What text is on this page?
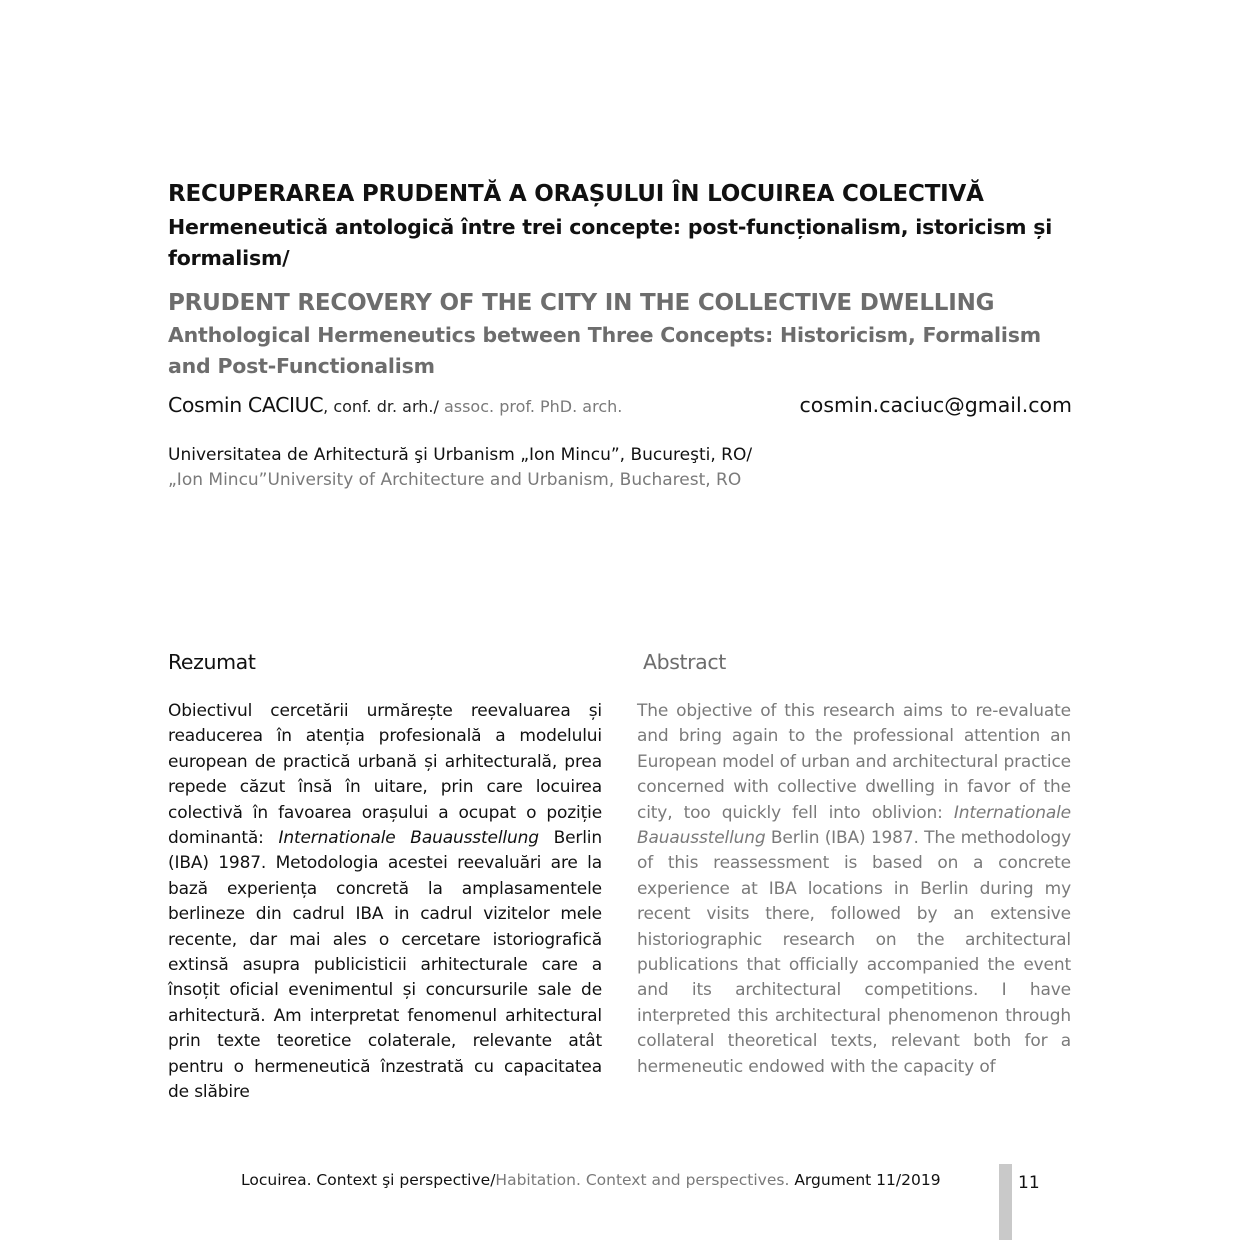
RECUPERAREA PRUDENTĂ A ORAȘULUI ÎN LOCUIREA COLECTIVĂ
Hermeneutică antologică între trei concepte: post-funcționalism, istoricism și formalism/
PRUDENT RECOVERY OF THE CITY IN THE COLLECTIVE DWELLING
Anthological Hermeneutics between Three Concepts: Historicism, Formalism and Post-Functionalism
Cosmin CACIUC, conf. dr. arh./ assoc. prof. PhD. arch.	cosmin.caciuc@gmail.com
Universitatea de Arhitectură şi Urbanism „Ion Mincu”, Bucureşti, RO/
„Ion Mincu”University of Architecture and Urbanism, Bucharest, RO
Rezumat	Abstract
Obiectivul cercetării urmărește reevaluarea și readucerea în atenția profesională a modelului european de practică urbană și arhitecturală, prea repede căzut însă în uitare, prin care locuirea colectivă în favoarea orașului a ocupat o poziție dominantă: Internationale Bauausstellung Berlin (IBA) 1987. Metodologia acestei reevaluări are la bază experiența concretă la amplasamentele berlineze din cadrul IBA in cadrul vizitelor mele recente, dar mai ales o cercetare istoriografică extinsă asupra publicisticii arhitecturale care a însoțit oficial evenimentul și concursurile sale de arhitectură. Am interpretat fenomenul arhitectural prin texte teoretice colaterale, relevante atât pentru o hermeneutică înzestrată cu capacitatea de slăbire
The objective of this research aims to re-evaluate and bring again to the professional attention an European model of urban and architectural practice concerned with collective dwelling in favor of the city, too quickly fell into oblivion: Internationale Bauausstellung Berlin (IBA) 1987. The methodology of this reassessment is based on a concrete experience at IBA locations in Berlin during my recent visits there, followed by an extensive historiographic research on the architectural publications that officially accompanied the event and its architectural competitions. I have interpreted this architectural phenomenon through collateral theoretical texts, relevant both for a hermeneutic endowed with the capacity of
Locuirea. Context şi perspective/Habitation. Context and perspectives. Argument 11/2019	11
